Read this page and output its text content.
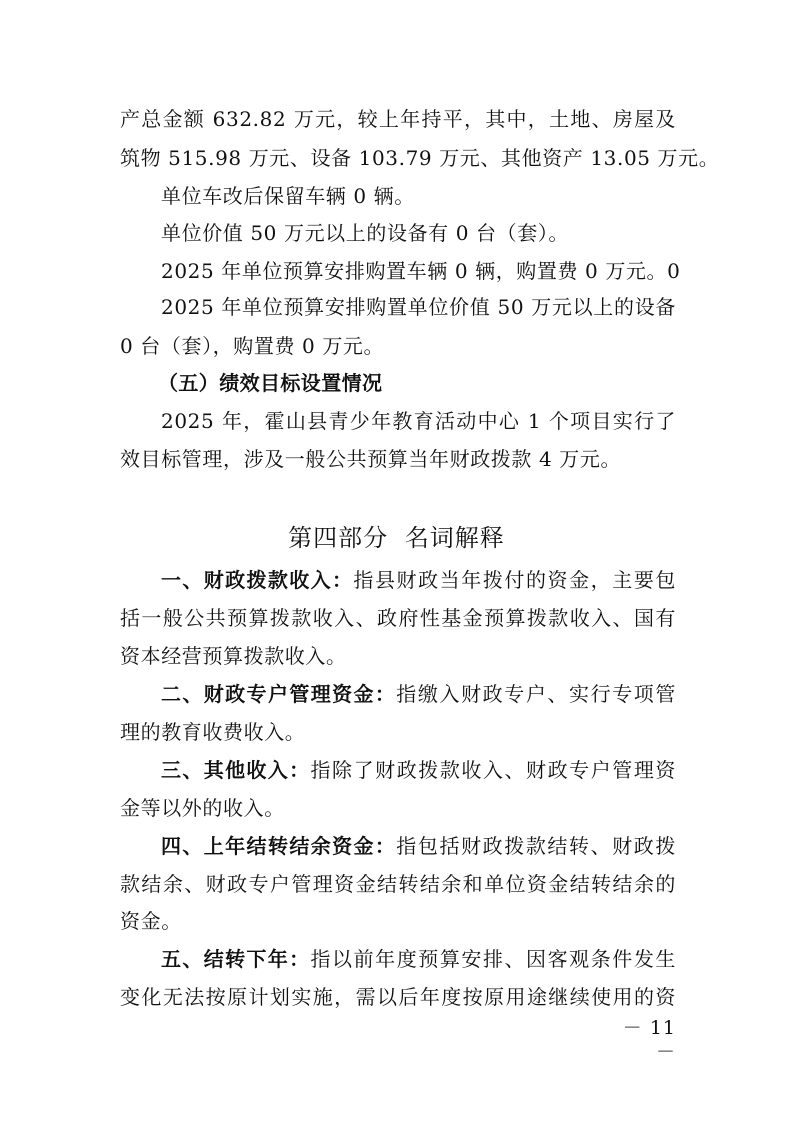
产总金额 632.82 万元，较上年持平，其中，土地、房屋及
筑物 515.98 万元、设备 103.79 万元、其他资产 13.05 万元。
单位车改后保留车辆 0 辆。
单位价值 50 万元以上的设备有 0 台（套）。
2025 年单位预算安排购置车辆 0 辆，购置费 0 万元。0
2025 年单位预算安排购置单位价值 50 万元以上的设备
0 台（套），购置费 0 万元。
（五）绩效目标设置情况
2025 年，霍山县青少年教育活动中心 1 个项目实行了
效目标管理，涉及一般公共预算当年财政拨款 4 万元。
第四部分 名词解释
一、财政拨款收入：指县财政当年拨付的资金，主要包
括一般公共预算拨款收入、政府性基金预算拨款收入、国有
资本经营预算拨款收入。
二、财政专户管理资金：指缴入财政专户、实行专项管
理的教育收费收入。
三、其他收入：指除了财政拨款收入、财政专户管理资
金等以外的收入。
四、上年结转结余资金：指包括财政拨款结转、财政拨
款结余、财政专户管理资金结转结余和单位资金结转结余的
资金。
五、结转下年：指以前年度预算安排、因客观条件发生
变化无法按原计划实施，需以后年度按原用途继续使用的资
－ 11 －
